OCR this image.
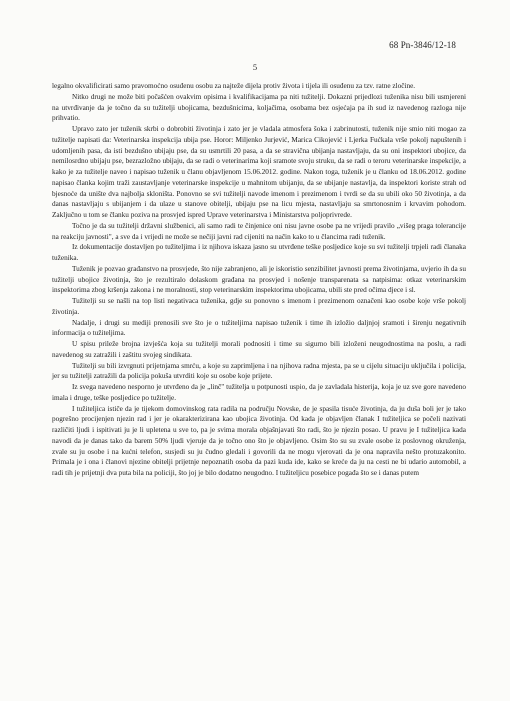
68 Pn-3846/12-18
5

legalno okvalificirati samo pravomoćno osuđenu osobu za najteže dijela protiv života i tijela ili osuđenu za tzv. ratne zločine.

Nitko drugi ne može biti počašćen ovakvim opisima i kvalifikacijama pa niti tužitelji. Dokazni prijedlozi tuženika nisu bili usmjereni na utvrđivanje da je točno da su tužitelji ubojicama, bezdušnicima, koljačima, osobama bez osjećaja pa ih sud iz navedenog razloga nije prihvatio.

Upravo zato jer tuženik skrbi o dobrobiti životinja i zato jer je vladala atmosfera šoka i zabrinutosti, tuženik nije smio niti mogao za tužitelje napisati da: Veterinarska inspekcija ubija pse. Horor: Miljenko Jurjević, Marica Cikojević i Ljerka Fućkala vrše pokolj napuštenih i udomljenih pasa, da isti bezdušno ubijaju pse, da su usmrtili 20 pasa, a da se stravična ubijanja nastavljaju, da su oni inspektori ubojice, da nemilosrdno ubijaju pse, bezrazložno ubijaju, da se radi o veterinarima koji sramote svoju struku, da se radi o teroru veterinarske inspekcije, a kako je za tužitelje naveo i napisao tuženik u članu objavljenom 15.06.2012. godine. Nakon toga, tuženik je u članku od 18.06.2012. godine napisao članka kojim traži zaustavljanje veterinarske inspekcije u mahnitom ubijanju, da se ubijanje nastavlja, da inspektori koriste strah od bjesnoće da unište dva najbolja skloništa. Ponovno se svi tužitelji navode imenom i prezimenom i tvrdi se da su ubili oko 50 životinja, a da danas nastavljaju s ubijanjem i da ulaze u stanove obitelji, ubijaju pse na licu mjesta, nastavljaju sa smrtonosnim i krvavim pohodom. Zaključno u tom se članku poziva na prosvjed ispred Uprave veterinarstva i Ministarstva poljoprivrede.

Točno je da su tužitelji državni službenici, ali samo radi te činjenice oni nisu javne osobe pa ne vrijedi pravilo „višeg praga tolerancije na reakciju javnosti", a sve da i vrijedi ne može se nečiji javni rad cijeniti na način kako to u člancima radi tuženik.

Iz dokumentacije dostavljen po tužiteljima i iz njihova iskaza jasno su utvrđene teške posljedice koje su svi tužitelji trpjeli radi članaka tuženika.

Tuženik je pozvao građanstvo na prosvjede, što nije zabranjeno, ali je iskoristio senzibilitet javnosti prema životinjama, uvjerio ih da su tužitelji ubojice životinja, što je rezultiralo dolaskom građana na prosvjed i nošenje transparenata sa natpisima: otkaz veterinarskim inspektorima zbog kršenja zakona i ne moralnosti, stop veterinarskim inspektorima ubojicama, ubili ste pred očima djece i sl.

Tužitelji su se našli na top listi negativaca tuženika, gdje su ponovno s imenom i prezimenom označeni kao osobe koje vrše pokolj životinja.

Nadalje, i drugi su mediji prenosili sve što je o tužiteljima napisao tuženik i time ih izložio daljnjoj sramoti i širenju negativnih informacija o tužiteljima.

U spisu prileže brojna izvješća koja su tužitelji morali podnositi i time su sigurno bili izloženi neugodnostima na poslu, a radi navedenog su zatražili i zaštitu svojeg sindikata.

Tužitelji su bili izvrgnuti prijetnjama smrću, a koje su zaprimljena i na njihova radna mjesta, pa se u cijelu situaciju uključila i policija, jer su tužitelji zatražili da policija pokuša utvrditi koje su osobe koje prijete.

Iz svega navedeno nesporno je utvrđeno da je „linč" tužitelja u potpunosti uspio, da je zavladala histerija, koja je uz sve gore navedeno imala i druge, teške posljedice po tužitelje.

I tužiteljica ističe da je tijekom domovinskog rata radila na području Novske, de je spasila tisuće životinja, da ju duša boli jer je tako pogrešno procijenjen njezin rad i jer je okarakterizirana kao ubojica životinja. Od kada je objavljen članak I tužiteljica se počeli nazivati različiti ljudi i ispitivati ju je li upletena u sve to, pa je svima morala objašnjavati što radi, što je njezin posao. U pravu je I tužiteljica kada navodi da je danas tako da barem 50% ljudi vjeruje da je točno ono što je objavljeno. Osim što su su zvale osobe iz poslovnog okruženja, zvale su ju osobe i na kućni telefon, susjedi su ju čudno gledali i govorili da ne mogu vjerovati da je ona napravila nešto protuzakonito. Primala je i ona i članovi njezine obitelji prijetnje nepoznatih osoba da pazi kuda ide, kako se kreće da ju na cesti ne bi udario automobil, a radi tih je prijetnji dva puta bila na policiji, što joj je bilo dodatno neugodno. I tužiteljicu posebice pogađa što se i danas putem
